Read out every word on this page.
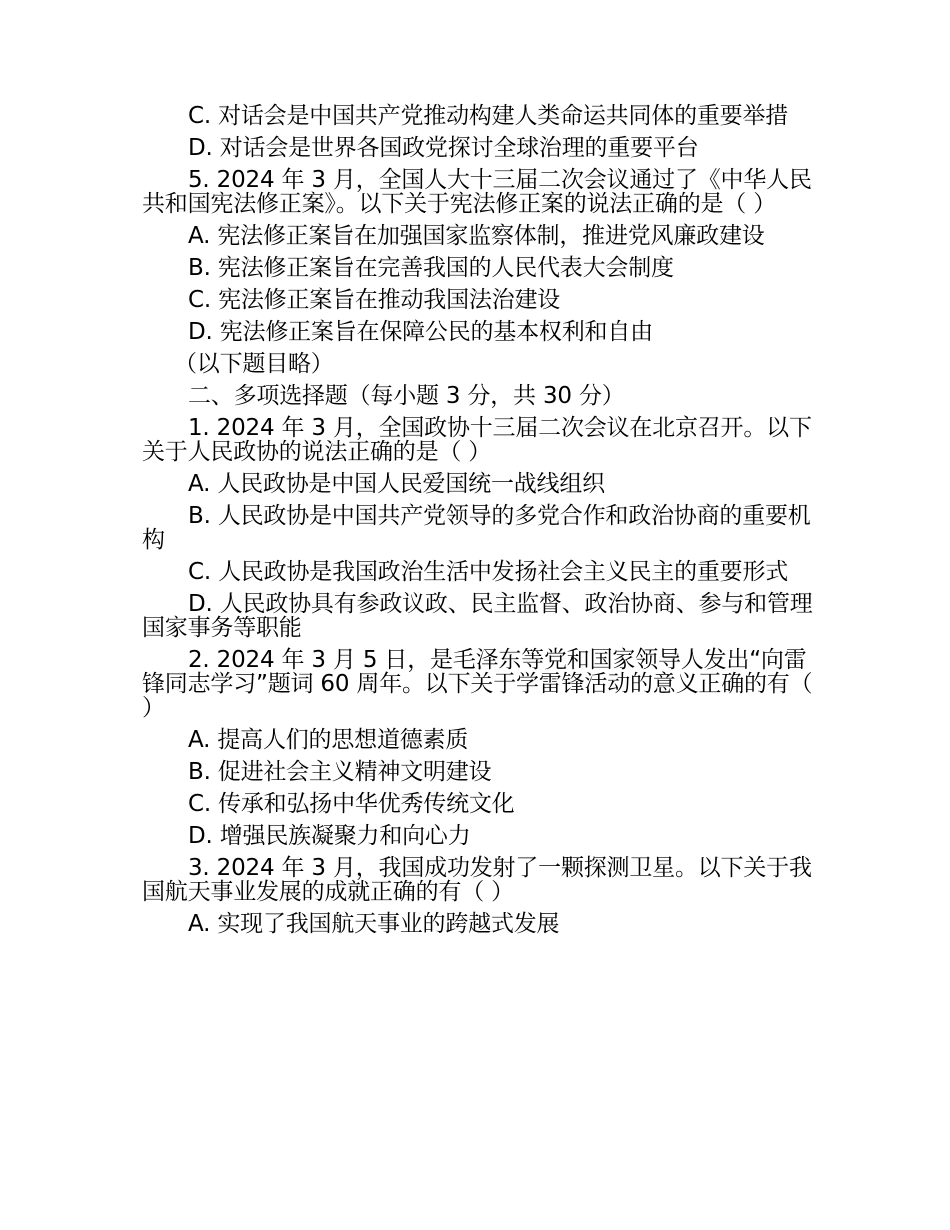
C. 对话会是中国共产党推动构建人类命运共同体的重要举措

D. 对话会是世界各国政党探讨全球治理的重要平台

5. 2024 年 3 月，全国人大十三届二次会议通过了《中华人民共和国宪法修正案》。以下关于宪法修正案的说法正确的是（ ）

A. 宪法修正案旨在加强国家监察体制，推进党风廉政建设

B. 宪法修正案旨在完善我国的人民代表大会制度

C. 宪法修正案旨在推动我国法治建设

D. 宪法修正案旨在保障公民的基本权利和自由

（以下题目略）

二、多项选择题（每小题 3 分，共 30 分）

1. 2024 年 3 月，全国政协十三届二次会议在北京召开。以下关于人民政协的说法正确的是（ ）

A. 人民政协是中国人民爱国统一战线组织

B. 人民政协是中国共产党领导的多党合作和政治协商的重要机构

C. 人民政协是我国政治生活中发扬社会主义民主的重要形式

D. 人民政协具有参政议政、民主监督、政治协商、参与和管理国家事务等职能

2. 2024 年 3 月 5 日，是毛泽东等党和国家领导人发出“向雷锋同志学习”题词 60 周年。以下关于学雷锋活动的意义正确的有（ ）

A. 提高人们的思想道德素质

B. 促进社会主义精神文明建设

C. 传承和弘扬中华优秀传统文化

D. 增强民族凝聚力和向心力

3. 2024 年 3 月，我国成功发射了一颗探测卫星。以下关于我国航天事业发展的成就正确的有（ ）

A. 实现了我国航天事业的跨越式发展
